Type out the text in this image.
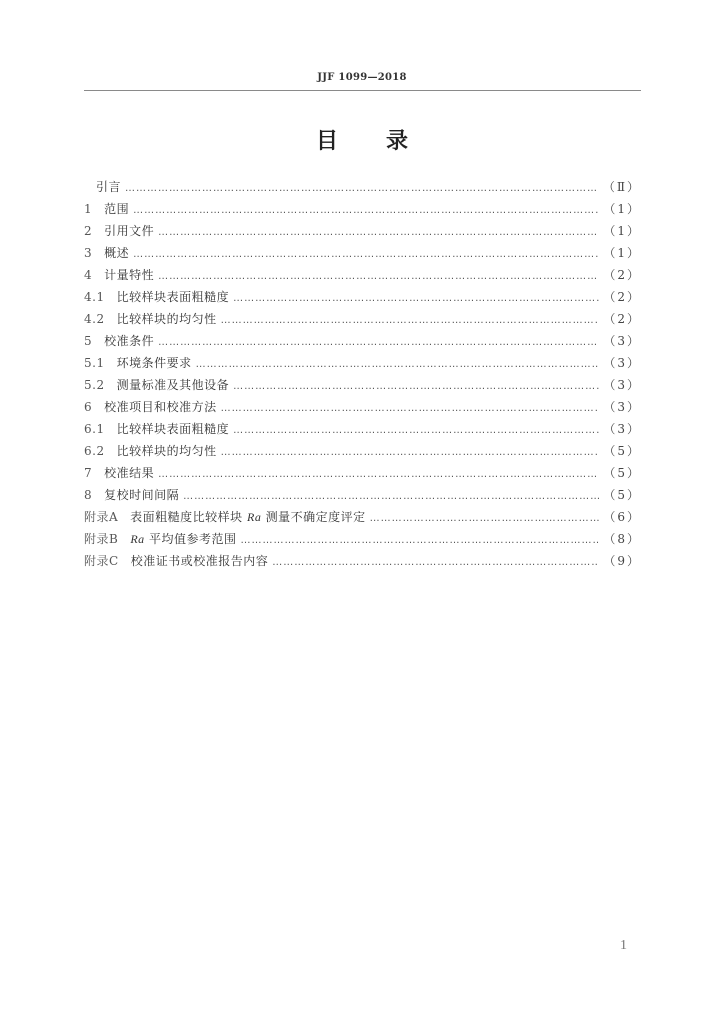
JJF 1099—2018
目 录
引言 ………………………………………………………………………………………………………………………………………………………………………………………………………………	（Ⅱ）
1 范围 ………………………………………………………………………………………………………………………………………………………………………………………………………………	（1）
2 引用文件 ………………………………………………………………………………………………………………………………………………………………………………………………………………	（1）
3 概述 ………………………………………………………………………………………………………………………………………………………………………………………………………………	（1）
4 计量特性 ………………………………………………………………………………………………………………………………………………………………………………………………………………	（2）
4.1 比较样块表面粗糙度 ………………………………………………………………………………………………………………………………………………………………………………………………………………	（2）
4.2 比较样块的均匀性 ………………………………………………………………………………………………………………………………………………………………………………………………………………	（2）
5 校准条件 ………………………………………………………………………………………………………………………………………………………………………………………………………………	（3）
5.1 环境条件要求 ………………………………………………………………………………………………………………………………………………………………………………………………………………	（3）
5.2 测量标准及其他设备 ………………………………………………………………………………………………………………………………………………………………………………………………………………	（3）
6 校准项目和校准方法 ………………………………………………………………………………………………………………………………………………………………………………………………………………	（3）
6.1 比较样块表面粗糙度 ………………………………………………………………………………………………………………………………………………………………………………………………………………	（3）
6.2 比较样块的均匀性 ………………………………………………………………………………………………………………………………………………………………………………………………………………	（5）
7 校准结果 ………………………………………………………………………………………………………………………………………………………………………………………………………………	（5）
8 复校时间间隔 ………………………………………………………………………………………………………………………………………………………………………………………………………………	（5）
附录A 表面粗糙度比较样块 Ra 测量不确定度评定 ………………………………………………………………………………………………………………………………………………………………………………………………………………	（6）
附录B Ra 平均值参考范围 ………………………………………………………………………………………………………………………………………………………………………………………………………………	（8）
附录C 校准证书或校准报告内容 ………………………………………………………………………………………………………………………………………………………………………………………………………………	（9）
1
